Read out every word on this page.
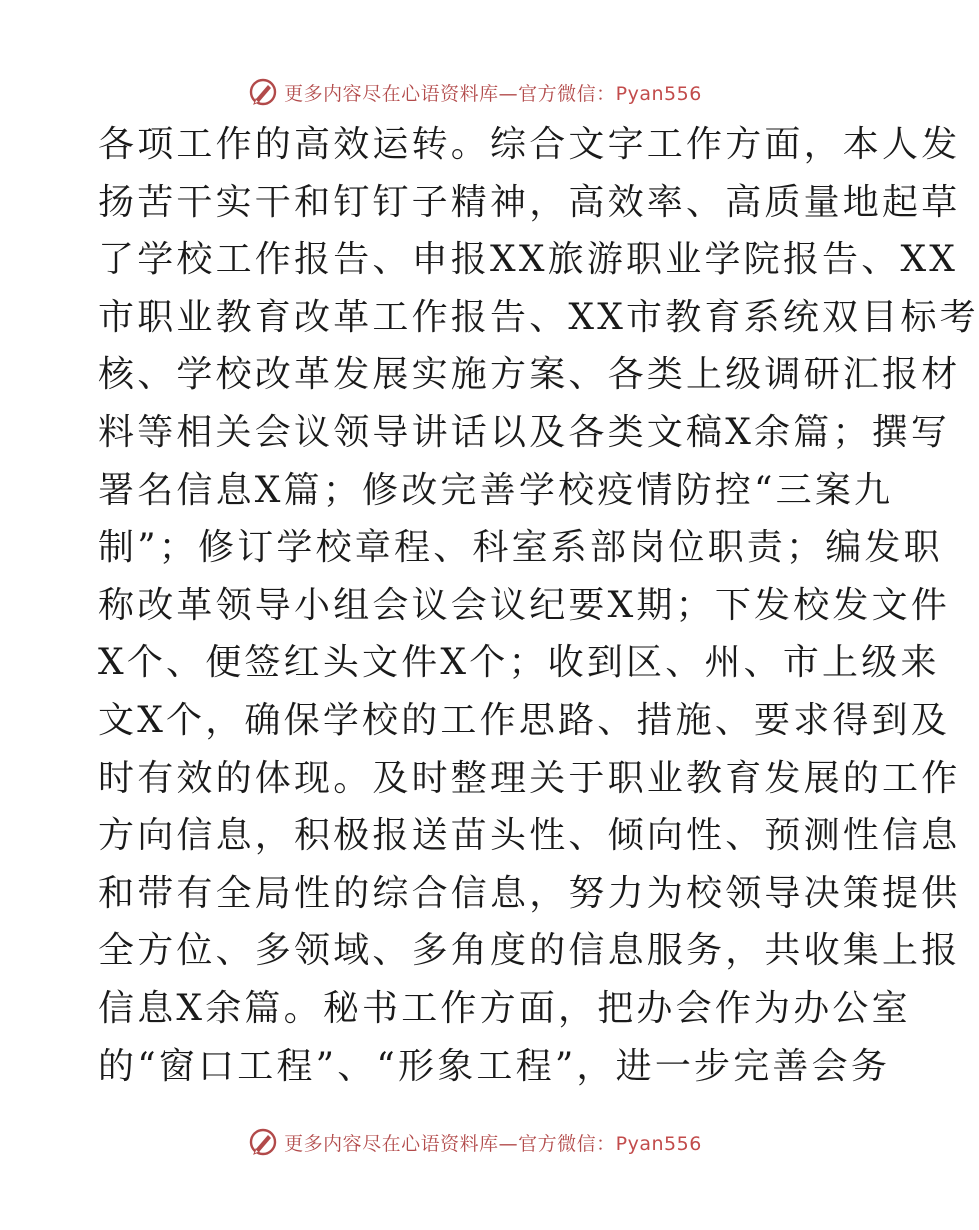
更多内容尽在心语资料库—官方微信：Pyan556
各项工作的高效运转。综合文字工作方面，本人发
扬苦干实干和钉钉子精神，高效率、高质量地起草
了学校工作报告、申报XX旅游职业学院报告、XX
市职业教育改革工作报告、XX市教育系统双目标考
核、学校改革发展实施方案、各类上级调研汇报材
料等相关会议领导讲话以及各类文稿X余篇；撰写
署名信息X篇；修改完善学校疫情防控“三案九
制”；修订学校章程、科室系部岗位职责；编发职
称改革领导小组会议会议纪要X期；下发校发文件
X个、便签红头文件X个；收到区、州、市上级来
文X个，确保学校的工作思路、措施、要求得到及
时有效的体现。及时整理关于职业教育发展的工作
方向信息，积极报送苗头性、倾向性、预测性信息
和带有全局性的综合信息，努力为校领导决策提供
全方位、多领域、多角度的信息服务，共收集上报
信息X余篇。秘书工作方面，把办会作为办公室
的“窗口工程”、“形象工程”，进一步完善会务
更多内容尽在心语资料库—官方微信：Pyan556
